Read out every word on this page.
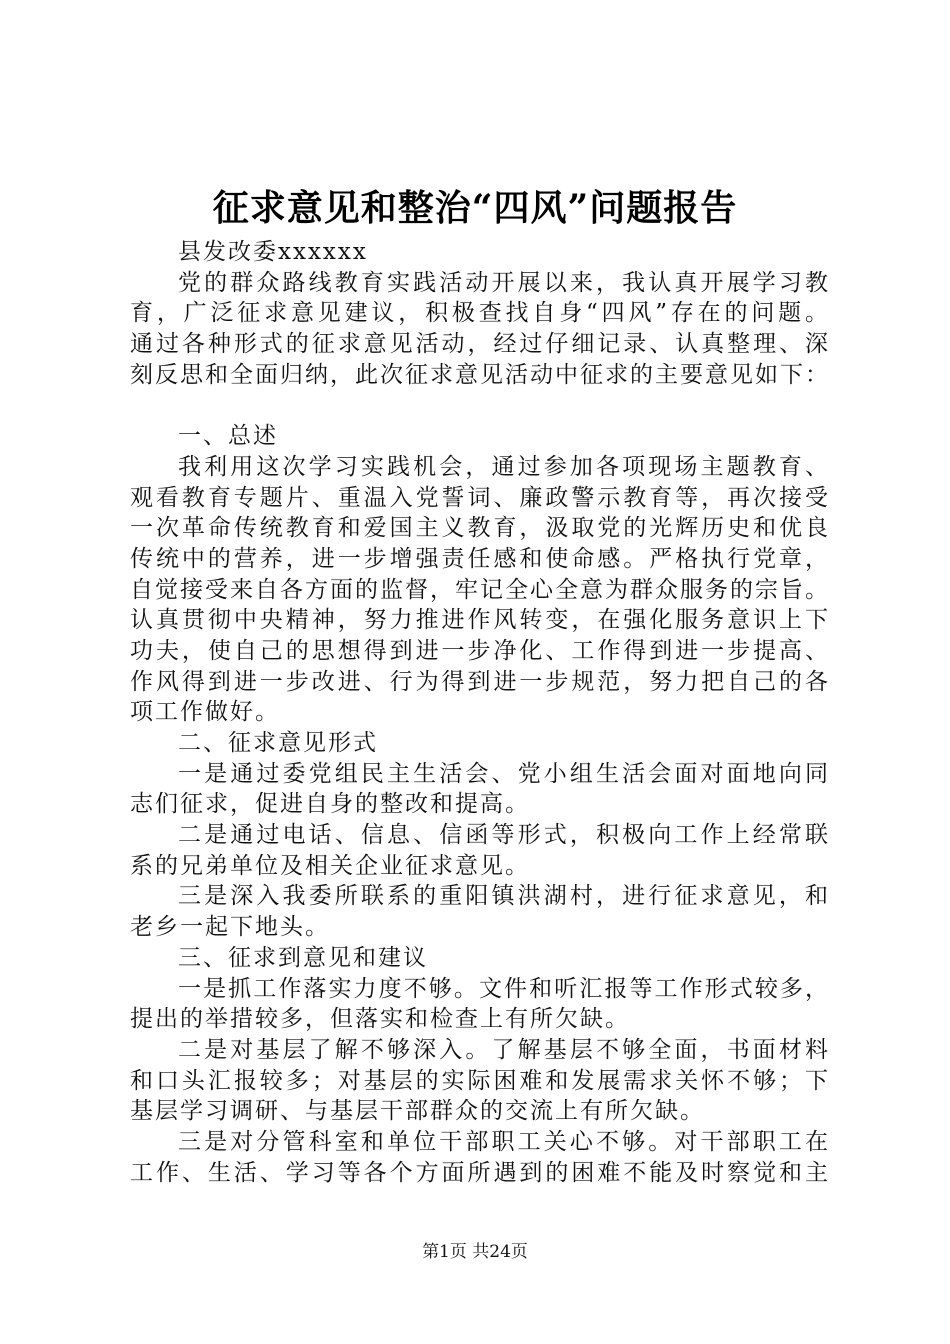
征求意见和整治“四风”问题报告
县发改委xxxxxx
党的群众路线教育实践活动开展以来，我认真开展学习教
育，广泛征求意见建议，积极查找自身“四风”存在的问题。
通过各种形式的征求意见活动，经过仔细记录、认真整理、深
刻反思和全面归纳，此次征求意见活动中征求的主要意见如下：
一、总述
我利用这次学习实践机会，通过参加各项现场主题教育、
观看教育专题片、重温入党誓词、廉政警示教育等，再次接受
一次革命传统教育和爱国主义教育，汲取党的光辉历史和优良
传统中的营养，进一步增强责任感和使命感。严格执行党章，
自觉接受来自各方面的监督，牢记全心全意为群众服务的宗旨。
认真贯彻中央精神，努力推进作风转变，在强化服务意识上下
功夫，使自己的思想得到进一步净化、工作得到进一步提高、
作风得到进一步改进、行为得到进一步规范，努力把自己的各
项工作做好。
二、征求意见形式
一是通过委党组民主生活会、党小组生活会面对面地向同
志们征求，促进自身的整改和提高。
二是通过电话、信息、信函等形式，积极向工作上经常联
系的兄弟单位及相关企业征求意见。
三是深入我委所联系的重阳镇洪湖村，进行征求意见，和
老乡一起下地头。
三、征求到意见和建议
一是抓工作落实力度不够。文件和听汇报等工作形式较多，
提出的举措较多，但落实和检查上有所欠缺。
二是对基层了解不够深入。了解基层不够全面，书面材料
和口头汇报较多；对基层的实际困难和发展需求关怀不够；下
基层学习调研、与基层干部群众的交流上有所欠缺。
三是对分管科室和单位干部职工关心不够。对干部职工在
工作、生活、学习等各个方面所遇到的困难不能及时察觉和主
第1页 共24页
